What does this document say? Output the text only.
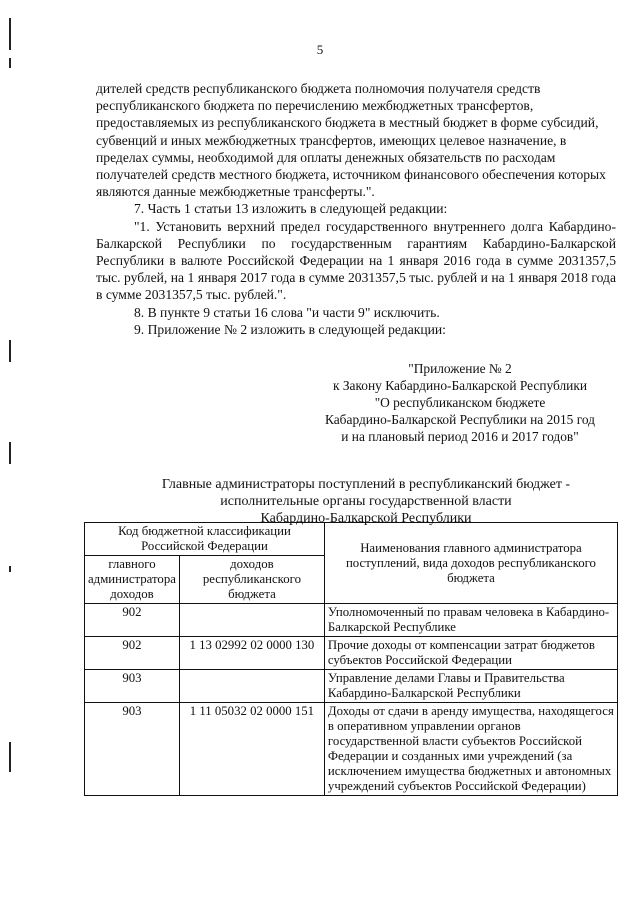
5

дителей средств республиканского бюджета полномочия получателя средств республиканского бюджета по перечислению межбюджетных трансфертов, предоставляемых из республиканского бюджета в местный бюджет в форме субсидий, субвенций и иных межбюджетных трансфертов, имеющих целевое назначение, в пределах суммы, необходимой для оплаты денежных обязательств по расходам получателей средств местного бюджета, источником финансового обеспечения которых являются данные межбюджетные трансферты.".

7. Часть 1 статьи 13 изложить в следующей редакции:

"1. Установить верхний предел государственного внутреннего долга Кабардино-Балкарской Республики по государственным гарантиям Кабардино-Балкарской Республики в валюте Российской Федерации на 1 января 2016 года в сумме 2031357,5 тыс. рублей, на 1 января 2017 года в сумме 2031357,5 тыс. рублей и на 1 января 2018 года в сумме 2031357,5 тыс. рублей.".

8. В пункте 9 статьи 16 слова "и части 9" исключить.

9. Приложение № 2 изложить в следующей редакции:

"Приложение № 2
к Закону Кабардино-Балкарской Республики
"О республиканском бюджете
Кабардино-Балкарской Республики на 2015 год
и на плановый период 2016 и 2017 годов"
Главные администраторы поступлений в республиканский бюджет -
исполнительные органы государственной власти
Кабардино-Балкарской Республики
Код бюджетной классификации Российской Федерации		Наименования главного администратора поступлений, вида доходов республиканского бюджета
главного администратора доходов	доходов республиканского бюджета	
902		Уполномоченный по правам человека в Кабардино-Балкарской Республике
902	1 13 02992 02 0000 130	Прочие доходы от компенсации затрат бюджетов субъектов Российской Федерации
903		Управление делами Главы и Правительства Кабардино-Балкарской Республики
903	1 11 05032 02 0000 151	Доходы от сдачи в аренду имущества, находящегося в оперативном управлении органов государственной власти субъектов Российской Федерации и созданных ими учреждений (за исключением имущества бюджетных и автономных учреждений субъектов Российской Федерации)
